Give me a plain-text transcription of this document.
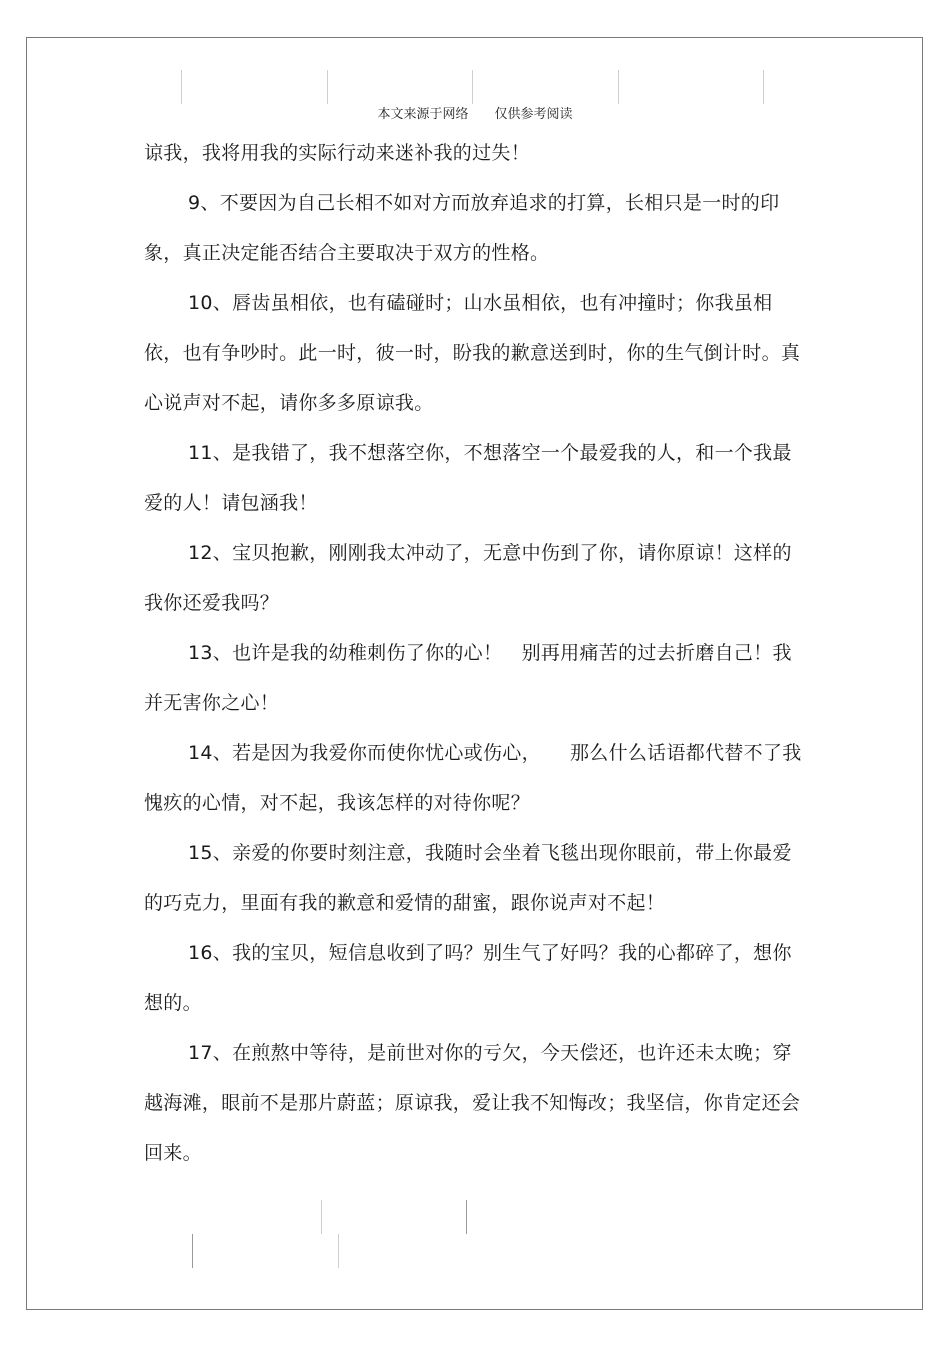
本文来源于网络 仅供参考阅读

谅我，我将用我的实际行动来迷补我的过失！

9、不要因为自己长相不如对方而放弃追求的打算，长相只是一时的印象，真正决定能否结合主要取决于双方的性格。

10、唇齿虽相依，也有磕碰时；山水虽相依，也有冲撞时；你我虽相依，也有争吵时。此一时，彼一时，盼我的歉意送到时，你的生气倒计时。真心说声对不起，请你多多原谅我。

11、是我错了，我不想落空你，不想落空一个最爱我的人，和一个我最爱的人！请包涵我！

12、宝贝抱歉，刚刚我太冲动了，无意中伤到了你，请你原谅！这样的我你还爱我吗？

13、也许是我的幼稚刺伤了你的心！　别再用痛苦的过去折磨自己！我并无害你之心！

14、若是因为我爱你而使你忧心或伤心，　　那么什么话语都代替不了我愧疚的心情，对不起，我该怎样的对待你呢？

15、亲爱的你要时刻注意，我随时会坐着飞毯出现你眼前，带上你最爱的巧克力，里面有我的歉意和爱情的甜蜜，跟你说声对不起！

16、我的宝贝，短信息收到了吗？别生气了好吗？我的心都碎了，想你想的。

17、在煎熬中等待，是前世对你的亏欠，今天偿还，也许还未太晚；穿越海滩，眼前不是那片蔚蓝；原谅我，爱让我不知悔改；我坚信，你肯定还会回来。
